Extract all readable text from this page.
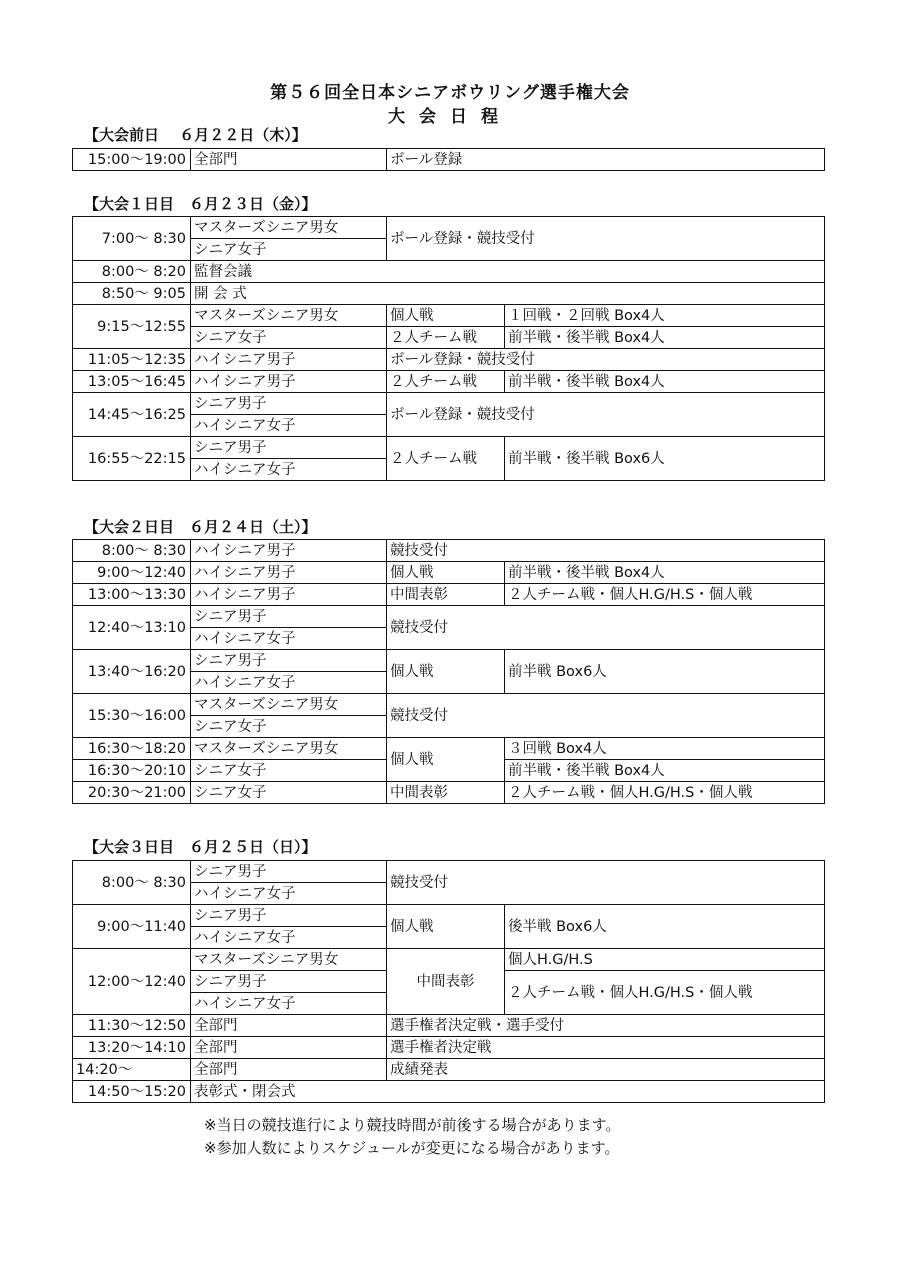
第５６回全日本シニアボウリング選手権大会
大会日程
【大会前日　 ６月２２日（木）】
15:00～19:00	全部門	ボール登録
【大会１日目　６月２３日（金）】
7:00～ 8:30	マスターズシニア男女	ボール登録・競技受付	
	シニア女子		
8:00～ 8:20	監督会議		
8:50～ 9:05	開 会 式		
9:15～12:55	マスターズシニア男女	個人戦	１回戦・２回戦 Box4人
	シニア女子	２人チーム戦	前半戦・後半戦 Box4人
11:05～12:35	ハイシニア男子	ボール登録・競技受付	
13:05～16:45	ハイシニア男子	２人チーム戦	前半戦・後半戦 Box4人
14:45～16:25	シニア男子	ボール登録・競技受付	
	ハイシニア女子		
16:55～22:15	シニア男子	２人チーム戦	前半戦・後半戦 Box6人
	ハイシニア女子		
【大会２日目　６月２４日（土）】
8:00～ 8:30	ハイシニア男子	競技受付	
9:00～12:40	ハイシニア男子	個人戦	前半戦・後半戦 Box4人
13:00～13:30	ハイシニア男子	中間表彰	２人チーム戦・個人H.G/H.S・個人戦
12:40～13:10	シニア男子	競技受付	
	ハイシニア女子		
13:40～16:20	シニア男子	個人戦	前半戦 Box6人
	ハイシニア女子		
15:30～16:00	マスターズシニア男女	競技受付	
	シニア女子		
16:30～18:20	マスターズシニア男女	個人戦	３回戦 Box4人
16:30～20:10	シニア女子		前半戦・後半戦 Box4人
20:30～21:00	シニア女子	中間表彰	２人チーム戦・個人H.G/H.S・個人戦
【大会３日目　６月２５日（日）】
8:00～ 8:30	シニア男子	競技受付	
	ハイシニア女子		
9:00～11:40	シニア男子	個人戦	後半戦 Box6人
	ハイシニア女子		
12:00～12:40	マスターズシニア男女	中間表彰	個人H.G/H.S
	シニア男子		２人チーム戦・個人H.G/H.S・個人戦
	ハイシニア女子		
11:30～12:50	全部門	選手権者決定戦・選手受付	
13:20～14:10	全部門	選手権者決定戦	
14:20～	全部門	成績発表	
14:50～15:20	表彰式・閉会式		
※当日の競技進行により競技時間が前後する場合があります。
※参加人数によりスケジュールが変更になる場合があります。
